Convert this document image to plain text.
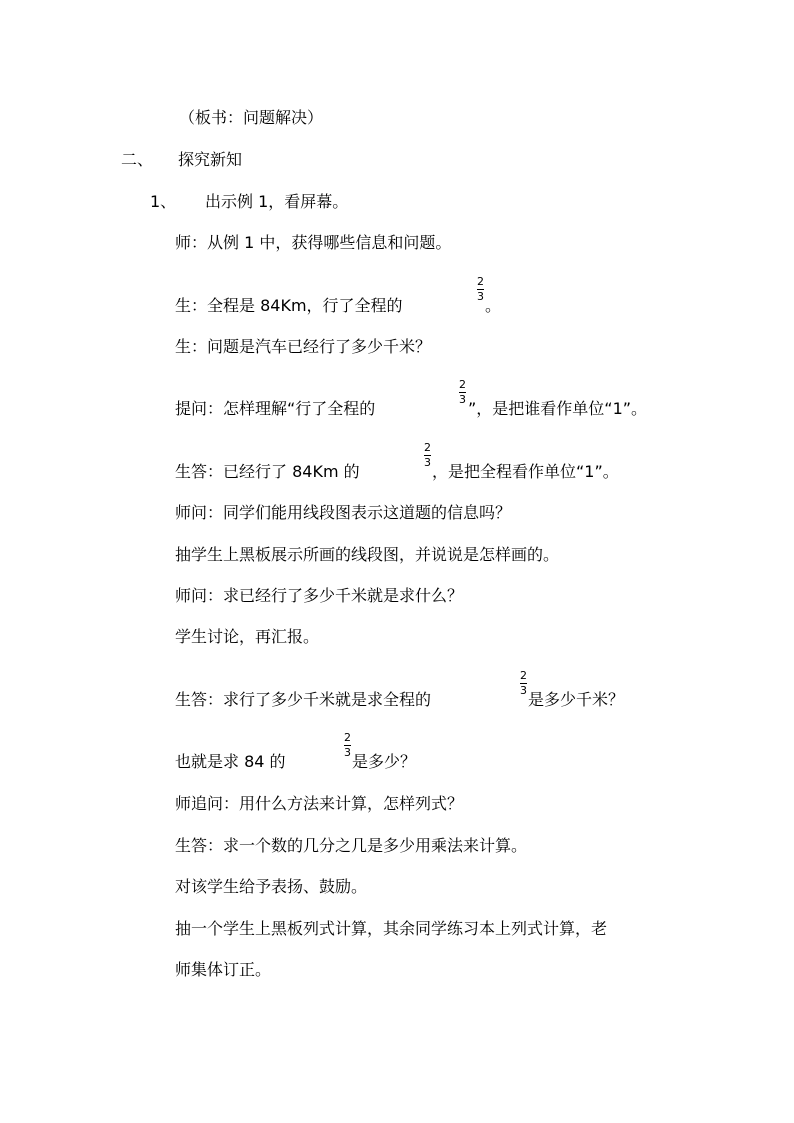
（板书：问题解决）
二、 探究新知
1、 出示例 1，看屏幕。
师：从例 1 中，获得哪些信息和问题。
生：全程是 84Km，行了全程的
2
3 。
生：问题是汽车已经行了多少千米？
提问：怎样理解“行了全程的
2
3 ”，是把谁看作单位“1”。
生答：已经行了 84Km 的
2
3 ，是把全程看作单位“1”。
师问：同学们能用线段图表示这道题的信息吗？
抽学生上黑板展示所画的线段图，并说说是怎样画的。
师问：求已经行了多少千米就是求什么？
学生讨论，再汇报。
生答：求行了多少千米就是求全程的
2
3 是多少千米？
也就是求 84 的
2
3 是多少？
师追问：用什么方法来计算，怎样列式？
生答：求一个数的几分之几是多少用乘法来计算。
对该学生给予表扬、鼓励。
抽一个学生上黑板列式计算，其余同学练习本上列式计算，老
师集体订正。
